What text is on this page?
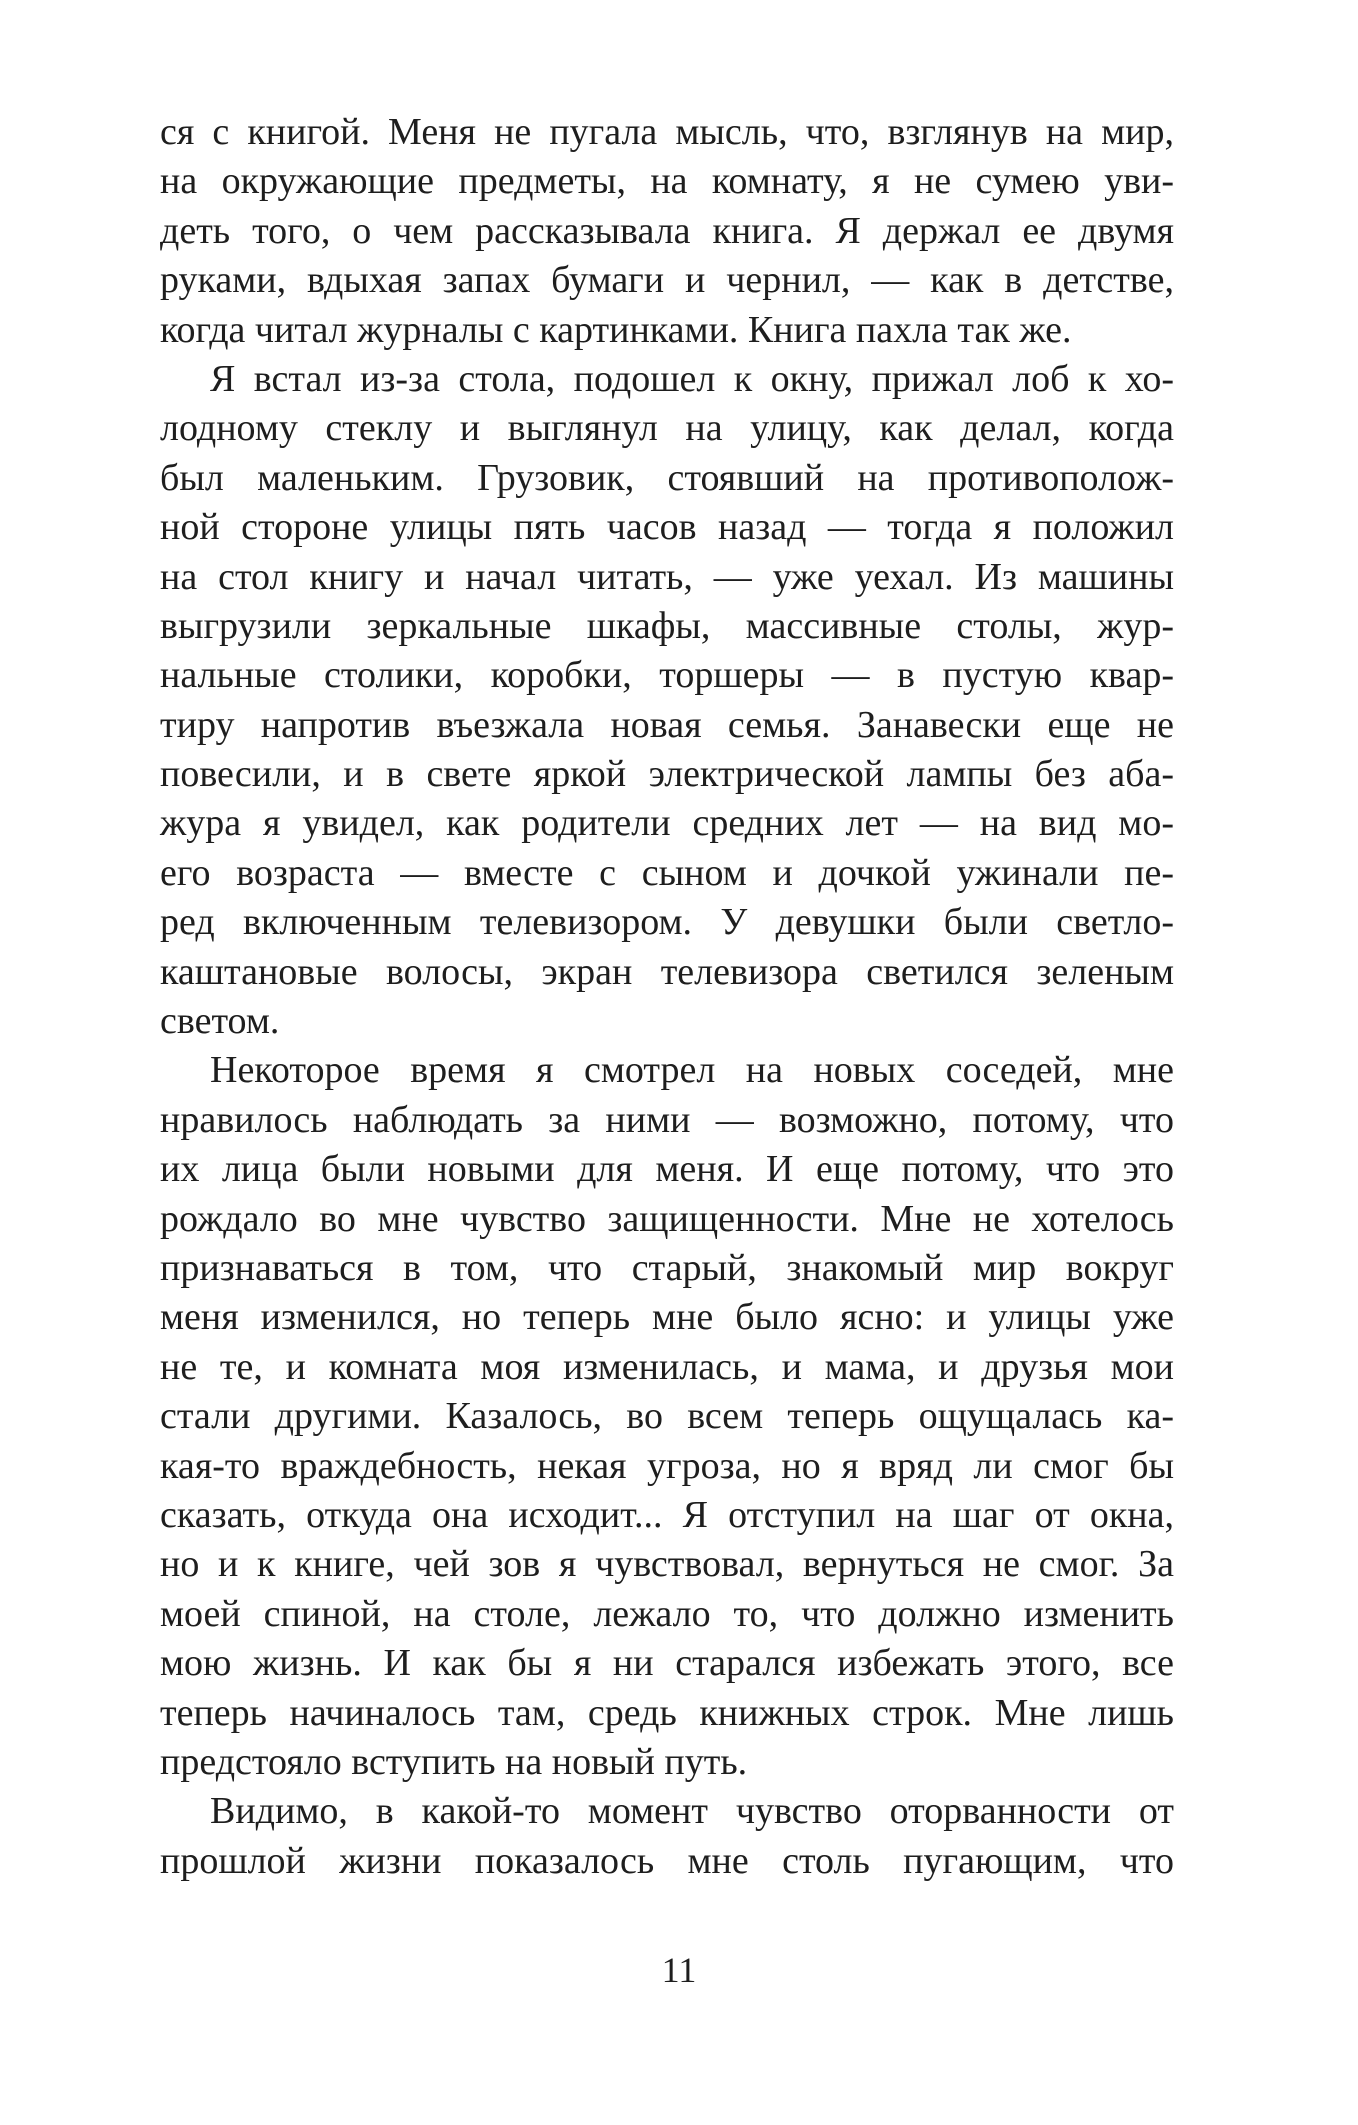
ся с книгой. Меня не пугала мысль, что, взглянув на мир,
на окружающие предметы, на комнату, я не сумею уви-
деть того, о чем рассказывала книга. Я держал ее двумя
руками, вдыхая запах бумаги и чернил, — как в детстве,
когда читал журналы с картинками. Книга пахла так же.
Я встал из-за стола, подошел к окну, прижал лоб к хо-
лодному стеклу и выглянул на улицу, как делал, когда
был маленьким. Грузовик, стоявший на противополож-
ной стороне улицы пять часов назад — тогда я положил
на стол книгу и начал читать, — уже уехал. Из машины
выгрузили зеркальные шкафы, массивные столы, жур-
нальные столики, коробки, торшеры — в пустую квар-
тиру напротив въезжала новая семья. Занавески еще не
повесили, и в свете яркой электрической лампы без аба-
жура я увидел, как родители средних лет — на вид мо-
его возраста — вместе с сыном и дочкой ужинали пе-
ред включенным телевизором. У девушки были светло-
каштановые волосы, экран телевизора светился зеленым
светом.
Некоторое время я смотрел на новых соседей, мне
нравилось наблюдать за ними — возможно, потому, что
их лица были новыми для меня. И еще потому, что это
рождало во мне чувство защищенности. Мне не хотелось
признаваться в том, что старый, знакомый мир вокруг
меня изменился, но теперь мне было ясно: и улицы уже
не те, и комната моя изменилась, и мама, и друзья мои
стали другими. Казалось, во всем теперь ощущалась ка-
кая-то враждебность, некая угроза, но я вряд ли смог бы
сказать, откуда она исходит... Я отступил на шаг от окна,
но и к книге, чей зов я чувствовал, вернуться не смог. За
моей спиной, на столе, лежало то, что должно изменить
мою жизнь. И как бы я ни старался избежать этого, все
теперь начиналось там, средь книжных строк. Мне лишь
предстояло вступить на новый путь.
Видимо, в какой-то момент чувство оторванности от
прошлой жизни показалось мне столь пугающим, что
11
